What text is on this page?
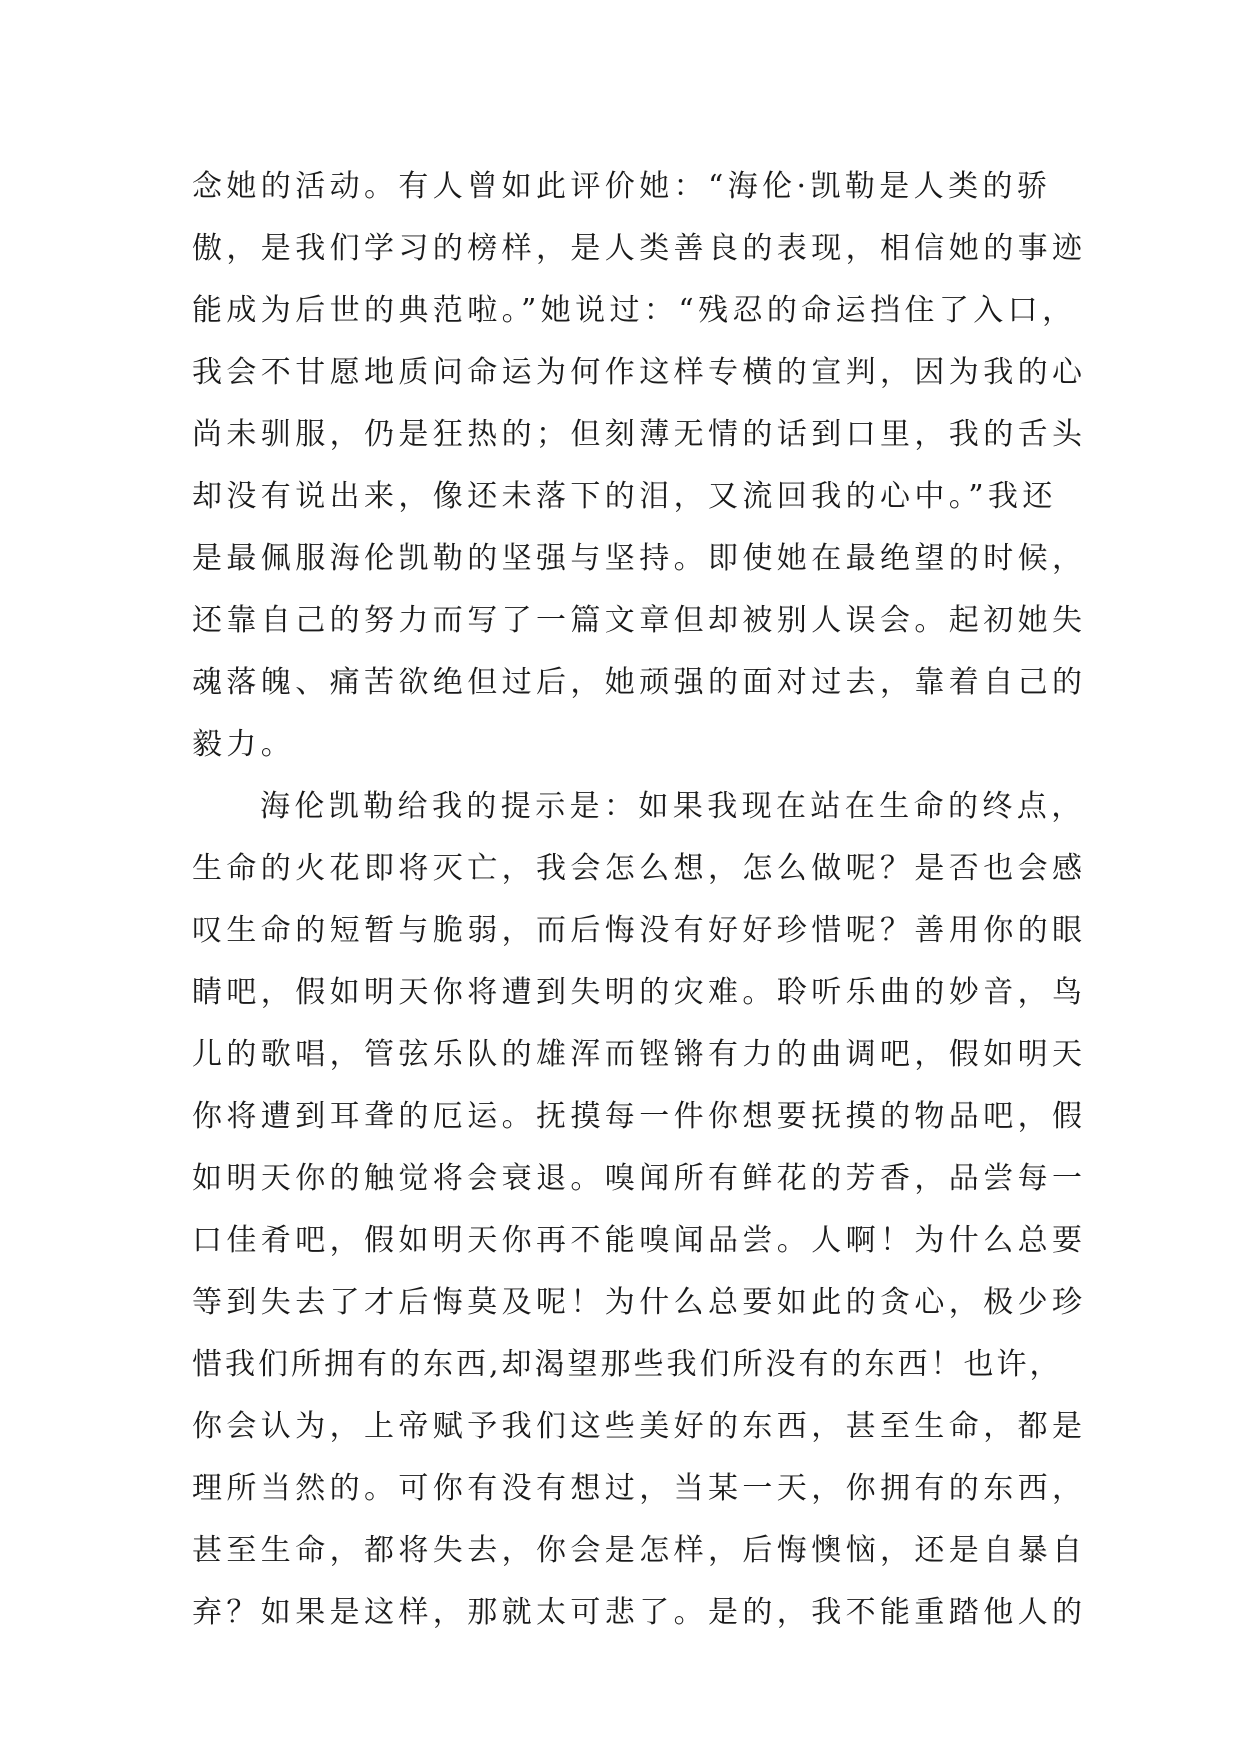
念她的活动。有人曾如此评价她：“海伦·凯勒是人类的骄
傲，是我们学习的榜样，是人类善良的表现，相信她的事迹
能成为后世的典范啦。”她说过：“残忍的命运挡住了入口，
我会不甘愿地质问命运为何作这样专横的宣判，因为我的心
尚未驯服，仍是狂热的；但刻薄无情的话到口里，我的舌头
却没有说出来，像还未落下的泪，又流回我的心中。”我还
是最佩服海伦凯勒的坚强与坚持。即使她在最绝望的时候，
还靠自己的努力而写了一篇文章但却被别人误会。起初她失
魂落魄、痛苦欲绝但过后，她顽强的面对过去，靠着自己的
毅力。
海伦凯勒给我的提示是：如果我现在站在生命的终点，
生命的火花即将灭亡，我会怎么想，怎么做呢？是否也会感
叹生命的短暂与脆弱，而后悔没有好好珍惜呢？善用你的眼
睛吧，假如明天你将遭到失明的灾难。聆听乐曲的妙音，鸟
儿的歌唱，管弦乐队的雄浑而铿锵有力的曲调吧，假如明天
你将遭到耳聋的厄运。抚摸每一件你想要抚摸的物品吧，假
如明天你的触觉将会衰退。嗅闻所有鲜花的芳香，品尝每一
口佳肴吧，假如明天你再不能嗅闻品尝。人啊！为什么总要
等到失去了才后悔莫及呢！为什么总要如此的贪心，极少珍
惜我们所拥有的东西,却渴望那些我们所没有的东西！也许，
你会认为，上帝赋予我们这些美好的东西，甚至生命，都是
理所当然的。可你有没有想过，当某一天，你拥有的东西，
甚至生命，都将失去，你会是怎样，后悔懊恼，还是自暴自
弃？如果是这样，那就太可悲了。是的，我不能重踏他人的
